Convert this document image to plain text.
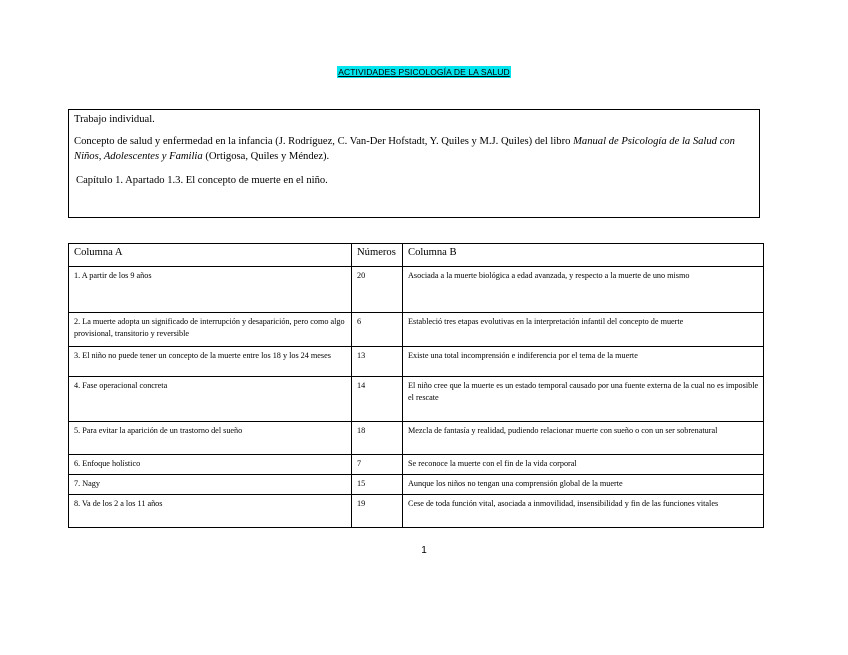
ACTIVIDADES PSICOLOGÍA DE LA SALUD

Trabajo individual.

Concepto de salud y enfermedad en la infancia (J. Rodríguez, C. Van-Der Hofstadt, Y. Quiles y M.J. Quiles) del libro Manual de Psicología de la Salud con Niños, Adolescentes y Familia (Ortigosa, Quiles y Méndez).

Capítulo 1. Apartado 1.3. El concepto de muerte en el niño.

Columna A	Números	Columna B
1. A partir de los 9 años	20	Asociada a la muerte biológica a edad avanzada, y respecto a la muerte de uno mismo
2. La muerte adopta un significado de interrupción y desaparición, pero como algo provisional, transitorio y reversible	6	Estableció tres etapas evolutivas en la interpretación infantil del concepto de muerte
3. El niño no puede tener un concepto de la muerte entre los 18 y los 24 meses	13	Existe una total incomprensión e indiferencia por el tema de la muerte
4. Fase operacional concreta	14	El niño cree que la muerte es un estado temporal causado por una fuente externa de la cual no es imposible el rescate
5. Para evitar la aparición de un trastorno del sueño	18	Mezcla de fantasía y realidad, pudiendo relacionar muerte con sueño o con un ser sobrenatural
6. Enfoque holístico	7	Se reconoce la muerte con el fin de la vida corporal
7. Nagy	15	Aunque los niños no tengan una comprensión global de la muerte
8. Va de los 2 a los 11 años	19	Cese de toda función vital, asociada a inmovilidad, insensibilidad y fin de las funciones vitales
1
